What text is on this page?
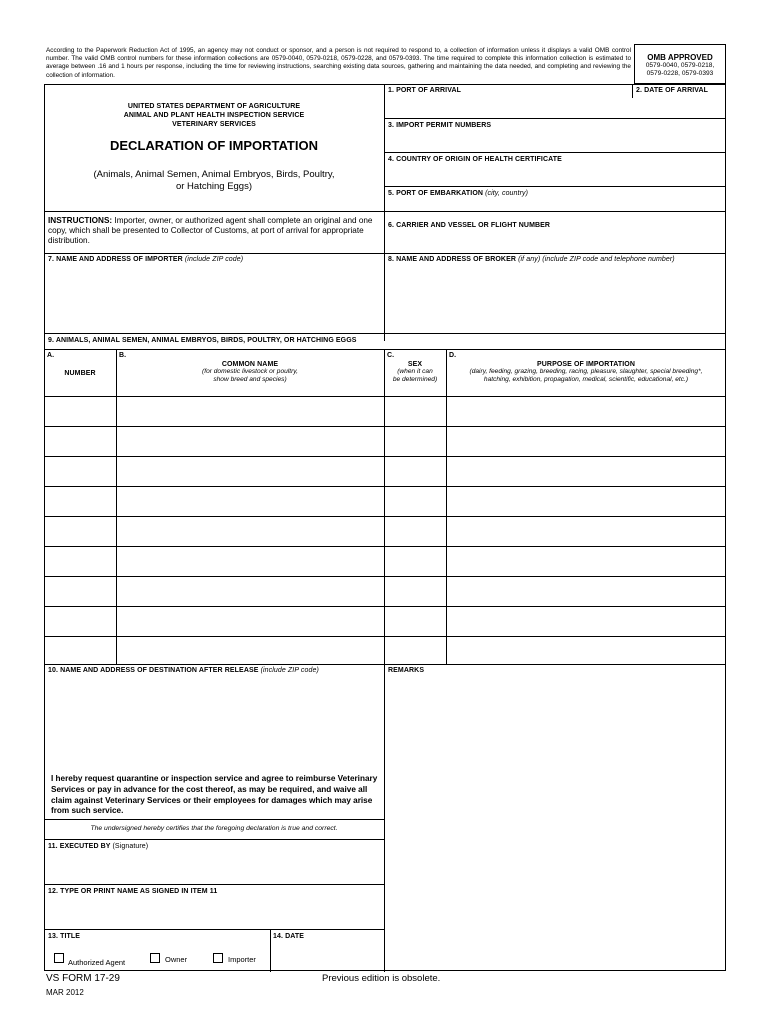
According to the Paperwork Reduction Act of 1995, an agency may not conduct or sponsor, and a person is not required to respond to, a collection of information unless it displays a valid OMB control number. The valid OMB control numbers for these information collections are 0579-0040, 0579-0218, 0579-0228, and 0579-0393. The time required to complete this information collection is estimated to average between .16 and 1 hours per response, including the time for reviewing instructions, searching existing data sources, gathering and maintaining the data needed, and completing and reviewing the collection of information.
OMB APPROVED
0579-0040, 0579-0218,
0579-0228, 0579-0393
1. PORT OF ARRIVAL	2. DATE OF ARRIVAL
3. IMPORT PERMIT NUMBERS
4. COUNTRY OF ORIGIN OF HEALTH CERTIFICATE
5. PORT OF EMBARKATION (city, country)
UNITED STATES DEPARTMENT OF AGRICULTURE
ANIMAL AND PLANT HEALTH INSPECTION SERVICE
VETERINARY SERVICES
DECLARATION OF IMPORTATION
(Animals, Animal Semen, Animal Embryos, Birds, Poultry,
or Hatching Eggs)
INSTRUCTIONS: Importer, owner, or authorized agent shall complete an original and one copy, which shall be presented to Collector of Customs, at port of arrival for appropriate distribution.
6. CARRIER AND VESSEL OR FLIGHT NUMBER
7. NAME AND ADDRESS OF IMPORTER (include ZIP code)	8. NAME AND ADDRESS OF BROKER (if any) (include ZIP code and telephone number)
9. ANIMALS, ANIMAL SEMEN, ANIMAL EMBRYOS, BIRDS, POULTRY, OR HATCHING EGGS
A.
NUMBER
B.
COMMON NAME
(for domestic livestock or poultry,
show breed and species)
C.
SEX
(when it can
be determined)
D.
PURPOSE OF IMPORTATION
(dairy, feeding, grazing, breeding, racing, pleasure, slaughter, special breeding*,
hatching, exhibition, propagation, medical, scientific, educational, etc.)
10. NAME AND ADDRESS OF DESTINATION AFTER RELEASE (include ZIP code)	REMARKS
I hereby request quarantine or inspection service and agree to reimburse Veterinary Services or pay in advance for the cost thereof, as may be required, and waive all claim against Veterinary Services or their employees for damages which may arise from such service.
The undersigned hereby certifies that the foregoing declaration is true and correct.
11. EXECUTED BY (Signature)
12. TYPE OR PRINT NAME AS SIGNED IN ITEM 11
13. TITLE	14. DATE
Authorized Agent	Owner	Importer
VS FORM 17-29
MAR 2012
Previous edition is obsolete.
